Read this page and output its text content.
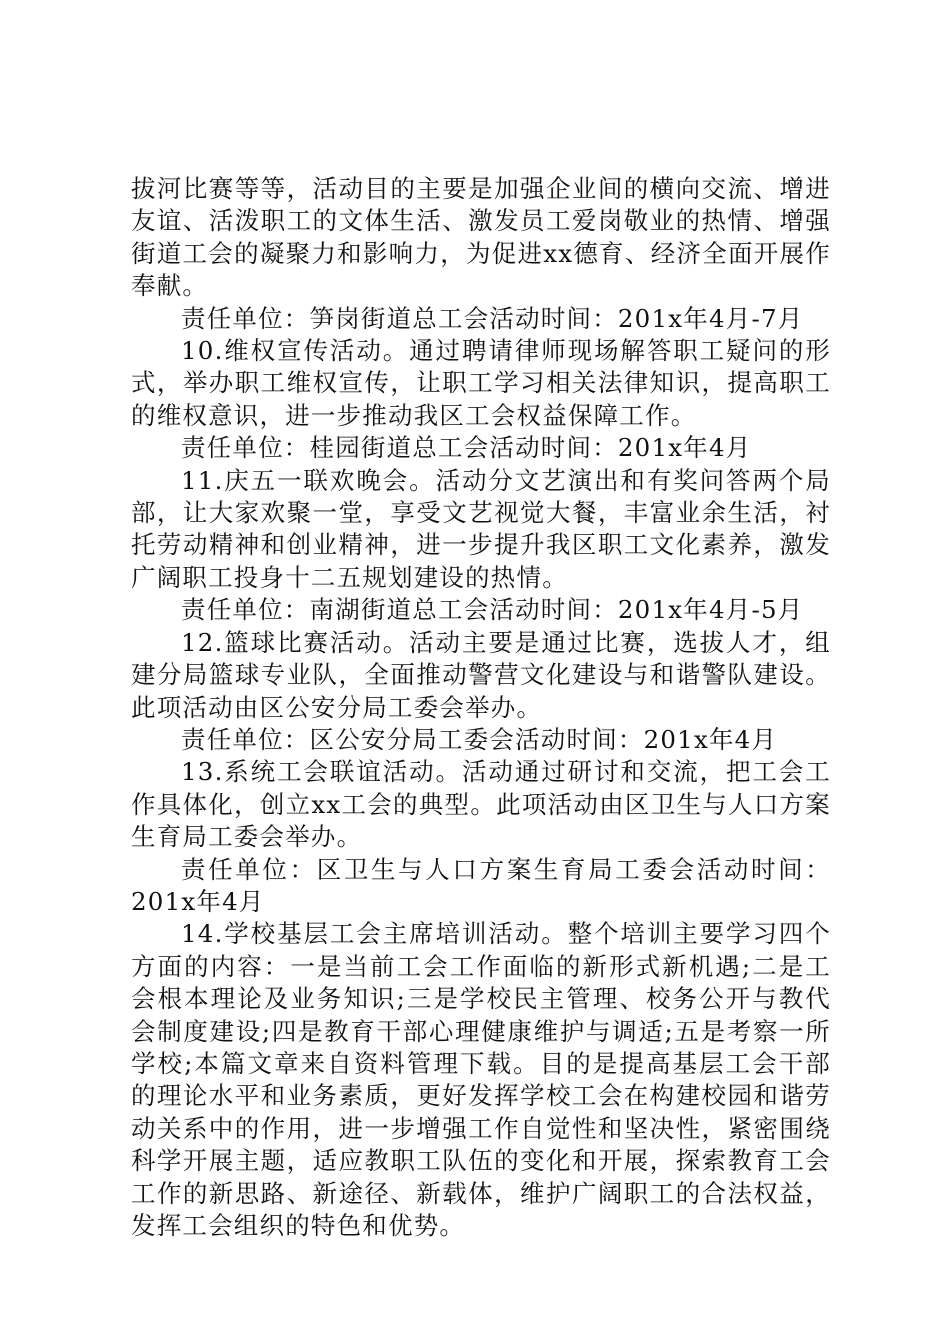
拔河比赛等等，活动目的主要是加强企业间的横向交流、增进友谊、活泼职工的文体生活、激发员工爱岗敬业的热情、增强街道工会的凝聚力和影响力，为促进xx德育、经济全面开展作奉献。

责任单位：笋岗街道总工会活动时间：201x年4月-7月

10.维权宣传活动。通过聘请律师现场解答职工疑问的形式，举办职工维权宣传，让职工学习相关法律知识，提高职工的维权意识，进一步推动我区工会权益保障工作。

责任单位：桂园街道总工会活动时间：201x年4月

11.庆五一联欢晚会。活动分文艺演出和有奖问答两个局部，让大家欢聚一堂，享受文艺视觉大餐，丰富业余生活，衬托劳动精神和创业精神，进一步提升我区职工文化素养，激发广阔职工投身十二五规划建设的热情。

责任单位：南湖街道总工会活动时间：201x年4月-5月

12.篮球比赛活动。活动主要是通过比赛，选拔人才，组建分局篮球专业队，全面推动警营文化建设与和谐警队建设。此项活动由区公安分局工委会举办。

责任单位：区公安分局工委会活动时间：201x年4月

13.系统工会联谊活动。活动通过研讨和交流，把工会工作具体化，创立xx工会的典型。此项活动由区卫生与人口方案生育局工委会举办。

责任单位：区卫生与人口方案生育局工委会活动时间：201x年4月

14.学校基层工会主席培训活动。整个培训主要学习四个方面的内容：一是当前工会工作面临的新形式新机遇;二是工会根本理论及业务知识;三是学校民主管理、校务公开与教代会制度建设;四是教育干部心理健康维护与调适;五是考察一所学校;本篇文章来自资料管理下载。目的是提高基层工会干部的理论水平和业务素质，更好发挥学校工会在构建校园和谐劳动关系中的作用，进一步增强工作自觉性和坚决性，紧密围绕科学开展主题，适应教职工队伍的变化和开展，探索教育工会工作的新思路、新途径、新载体，维护广阔职工的合法权益，发挥工会组织的特色和优势。
